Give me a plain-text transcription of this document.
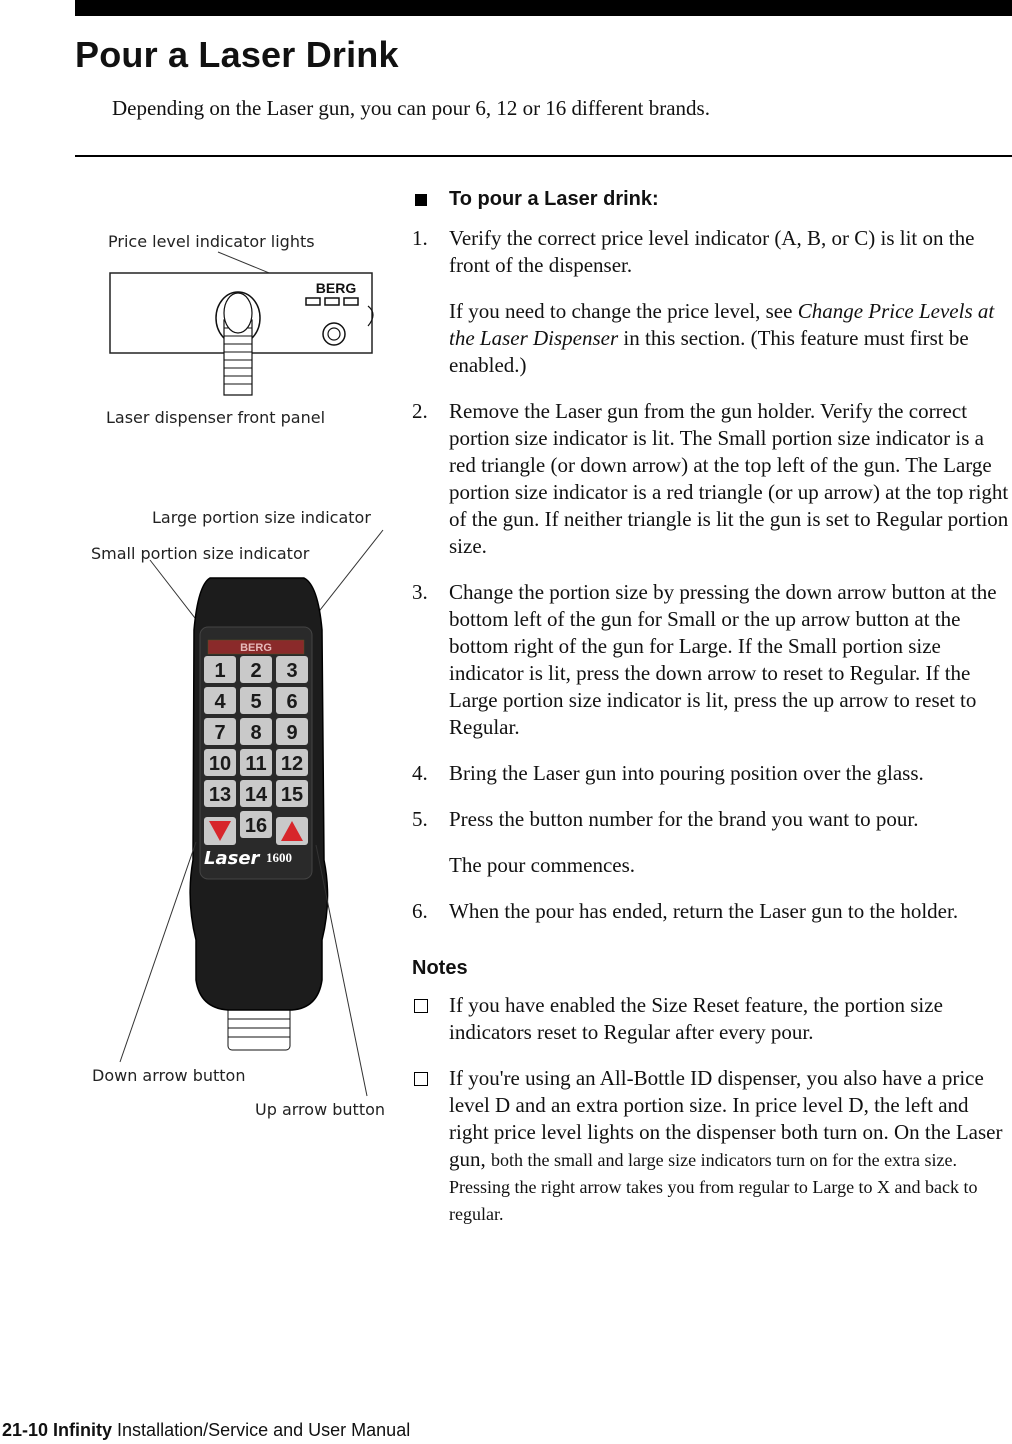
Pour a Laser Drink
Depending on the Laser gun, you can pour 6, 12 or 16 different brands.
Price level indicator lights
BERG
Laser dispenser front panel
Large portion size indicator
Small portion size indicator
BERG
1 2 3
4 5 6
7 8 9
10 11 12
13 14 15
16
Laser 1600
Down arrow button
Up arrow button
To pour a Laser drink:
1.	Verify the correct price level indicator (A, B, or C) is lit on the front of the dispenser.

If you need to change the price level, see Change Price Levels at the Laser Dispenser in this section. (This feature must first be enabled.)

2.	Remove the Laser gun from the gun holder. Verify the correct portion size indicator is lit. The Small portion size indicator is a red triangle (or down arrow) at the top left of the gun. The Large portion size indicator is a red triangle (or up arrow) at the top right of the gun. If neither triangle is lit the gun is set to Regular portion size.

3.	Change the portion size by pressing the down arrow button at the bottom left of the gun for Small or the up arrow button at the bottom right of the gun for Large. If the Small portion size indicator is lit, press the down arrow to reset to Regular. If the Large portion size indicator is lit, press the up arrow to reset to Regular.

4.	Bring the Laser gun into pouring position over the glass.

5.	Press the button number for the brand you want to pour.

The pour commences.

6.	When the pour has ended, return the Laser gun to the holder.

Notes
If you have enabled the Size Reset feature, the portion size indicators reset to Regular after every pour.
If you're using an All-Bottle ID dispenser, you also have a price level D and an extra portion size. In price level D, the left and right price level lights on the dispenser both turn on. On the Laser gun, both the small and large size indicators turn on for the extra size. Pressing the right arrow takes you from regular to Large to X and back to regular.
21-10 Infinity Installation/Service and User Manual
